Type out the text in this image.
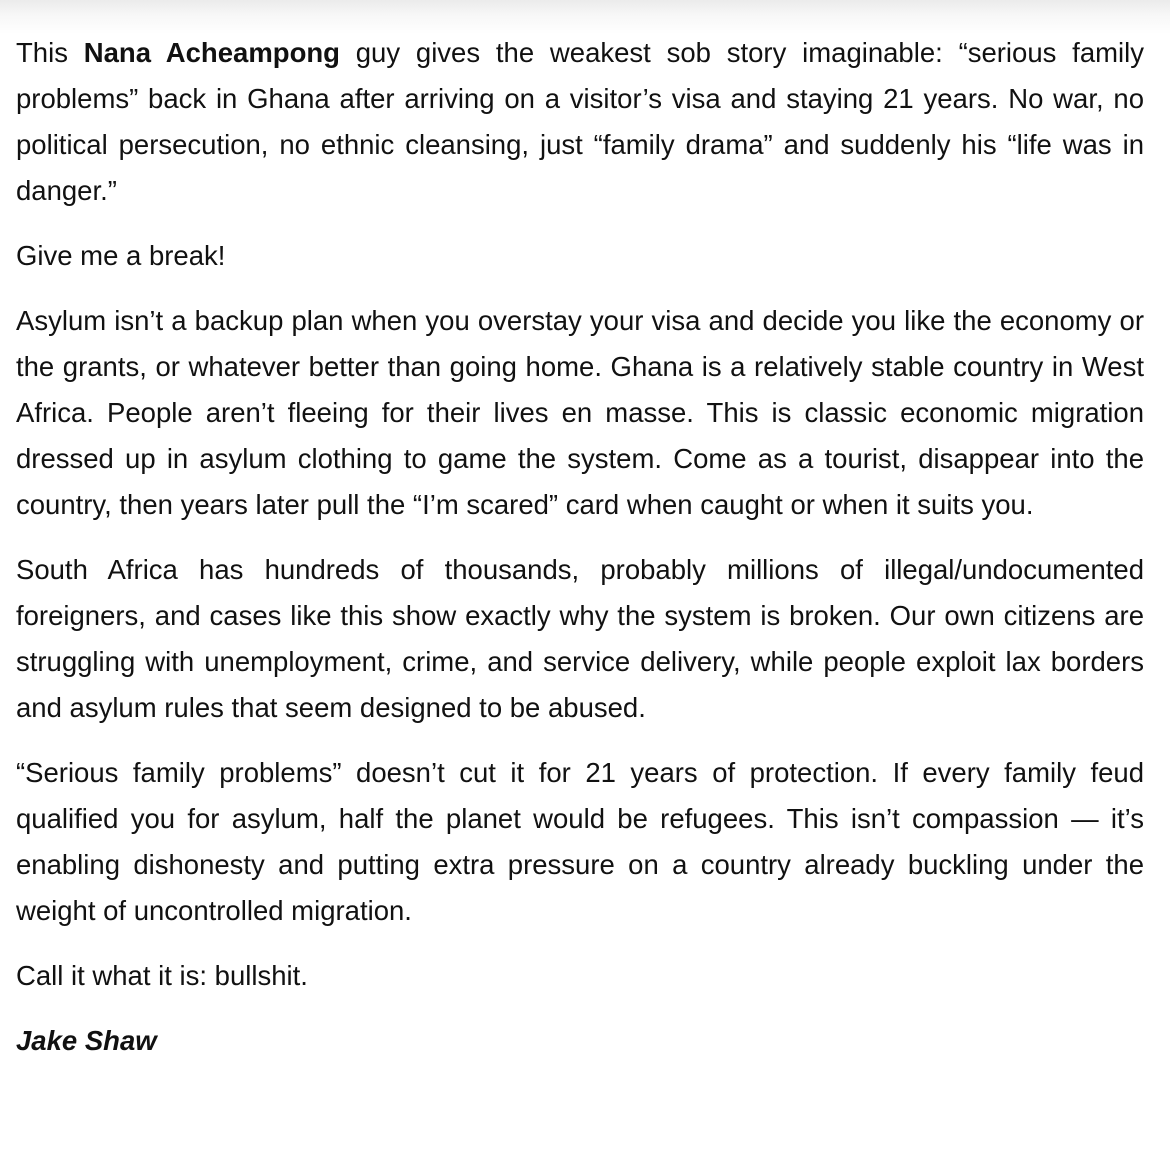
This Nana Acheampong guy gives the weakest sob story imaginable: “serious family problems” back in Ghana after arriving on a visitor’s visa and staying 21 years. No war, no political persecution, no ethnic cleansing, just “family drama” and suddenly his “life was in danger.”

Give me a break!

Asylum isn’t a backup plan when you overstay your visa and decide you like the economy or the grants, or whatever better than going home. Ghana is a relatively stable country in West Africa. People aren’t fleeing for their lives en masse. This is classic economic migration dressed up in asylum clothing to game the system. Come as a tourist, disappear into the country, then years later pull the “I’m scared” card when caught or when it suits you.

South Africa has hundreds of thousands, probably millions of illegal/undocumented foreigners, and cases like this show exactly why the system is broken. Our own citizens are struggling with unemployment, crime, and service delivery, while people exploit lax borders and asylum rules that seem designed to be abused.

“Serious family problems” doesn’t cut it for 21 years of protection. If every family feud qualified you for asylum, half the planet would be refugees. This isn’t compassion — it’s enabling dishonesty and putting extra pressure on a country already buckling under the weight of uncontrolled migration.

Call it what it is: bullshit.

Jake Shaw
